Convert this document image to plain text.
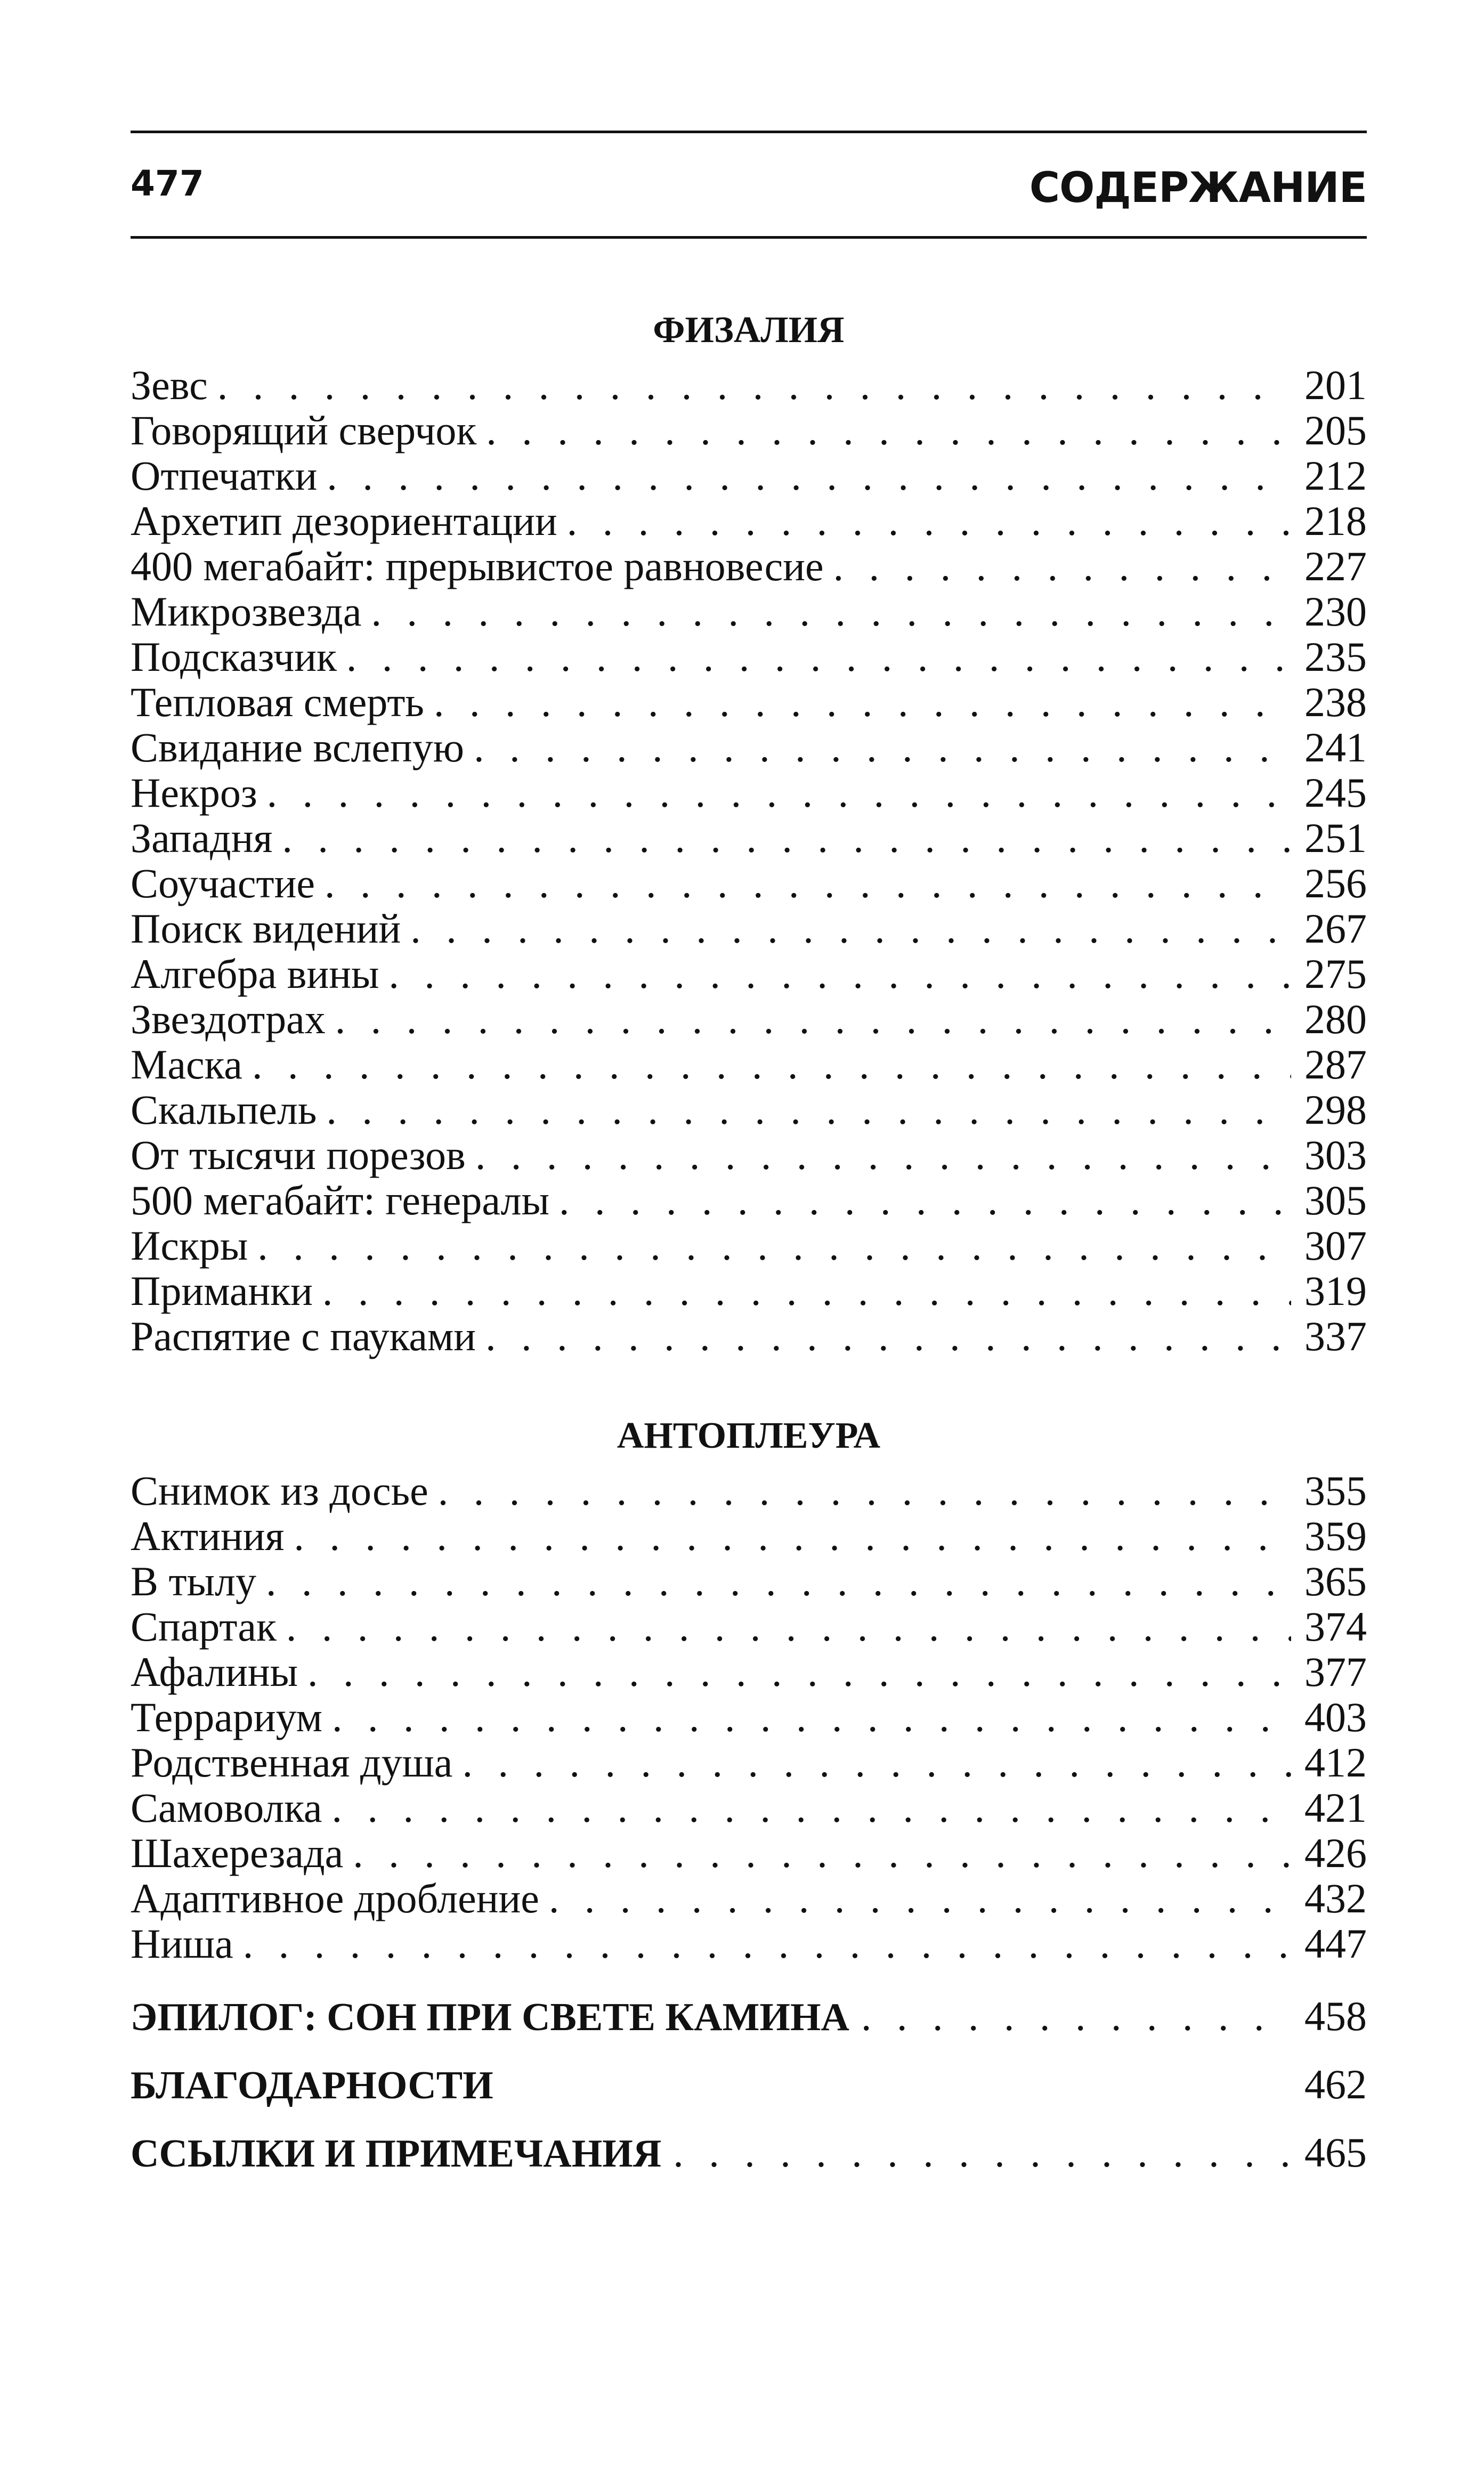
477	СОДЕРЖАНИЕ
ФИЗАЛИЯ
Зевс . . .	201
Говорящий сверчок . . .	205
Отпечатки . . .	212
Архетип дезориентации . . .	218
400 мегабайт: прерывистое равновесие . . .	227
Микрозвезда . . .	230
Подсказчик . . .	235
Тепловая смерть . . .	238
Свидание вслепую . . .	241
Некроз . . .	245
Западня . . .	251
Соучастие . . .	256
Поиск видений . . .	267
Алгебра вины . . .	275
Звездотрах . . .	280
Маска . . .	287
Скальпель . . .	298
От тысячи порезов . . .	303
500 мегабайт: генералы . . .	305
Искры . . .	307
Приманки . . .	319
Распятие с пауками . . .	337
АНТОПЛЕУРА
Снимок из досье . . .	355
Актиния . . .	359
В тылу . . .	365
Спартак . . .	374
Афалины . . .	377
Террариум . . .	403
Родственная душа . . .	412
Самоволка . . .	421
Шахерезада . . .	426
Адаптивное дробление . . .	432
Ниша . . .	447
ЭПИЛОГ: СОН ПРИ СВЕТЕ КАМИНА . . .	458
БЛАГОДАРНОСТИ	462
ССЫЛКИ И ПРИМЕЧАНИЯ . . .	465
